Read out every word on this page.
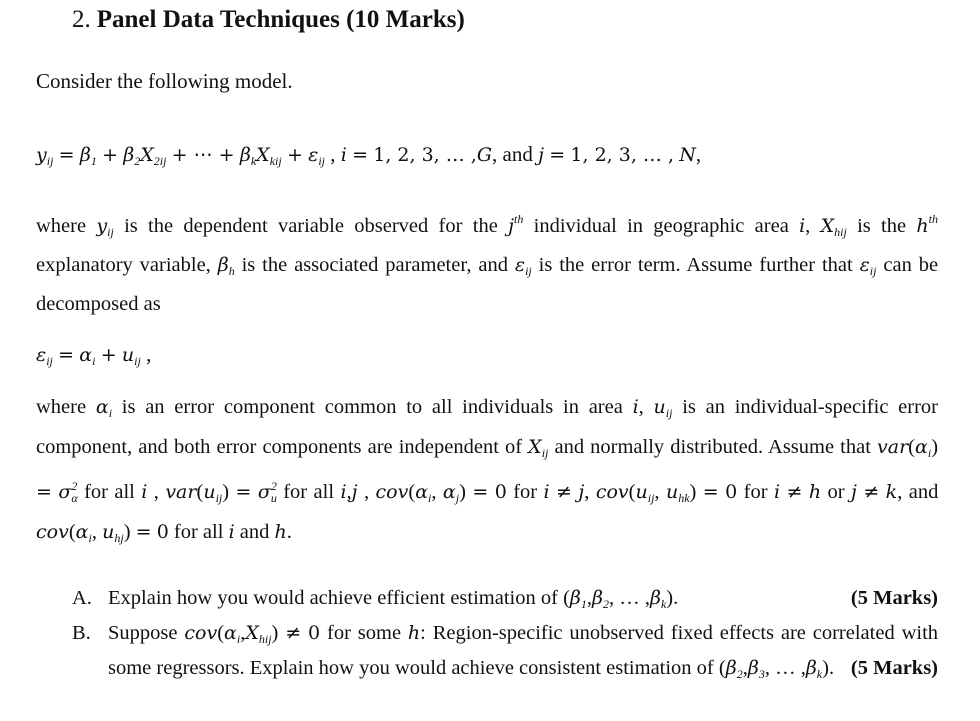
2. Panel Data Techniques (10 Marks)
Consider the following model.
$y_{ij} = \beta_1 + \beta_2X_{2ij}$ + ⋯ + $\beta_kX_{kij} + \varepsilon_{ij}$ , i = 1, 2, 3, … ,G, and j = 1, 2, 3, … , N,
where $y_{ij}$ is the dependent variable observed for the $j^{th}$ individual in geographic area i, $X_{hij}$ is the $h^{th}$ explanatory variable, $\beta_h$ is the associated parameter, and $\varepsilon_{ij}$ is the error term. Assume further that $\varepsilon_{ij}$ can be decomposed as
$\varepsilon_{ij} = \alpha_i + u_{ij}$ ,
where $\alpha_i$ is an error component common to all individuals in area i, $u_{ij}$ is an individual-specific error component, and both error components are independent of $X_{ij}$ and normally distributed. Assume that $var(\alpha_i) = \sigma^2_\alpha$ for all i , $var(u_{ij}) = \sigma^2_u$ for all i,j , $cov(\alpha_i$, $\alpha_j) = 0$ for i ≠ j, $cov(u_{ij}$, $u_{hk}) = 0$ for i ≠ h or j ≠ k, and $cov(\alpha_i$, $u_{hj}) = 0$ for all i and h.
A. Explain how you would achieve efficient estimation of ($\beta_1,\beta_2$, … $,\beta_k$).	(5 Marks)
B. Suppose $cov(\alpha_i,X_{hij}) \ne 0$ for some h: Region-specific unobserved fixed effects are correlated with some regressors. Explain how you would achieve consistent estimation of ($\beta_2,\beta_3$, … $,\beta_k$). (5 Marks)
